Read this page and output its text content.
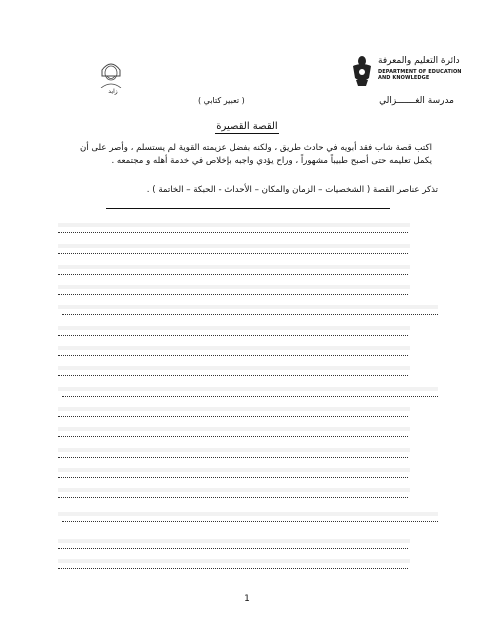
دائرة التعليم والمعرفة
DEPARTMENT OF EDUCATION
AND KNOWLEDGE
زايد
مدرسة الغـــــــزالي
( تعبير كتابي )
القصة القصيرة

اكتب قصة شاب فقد أبويه في حادث طريق ، ولكنه بفضل عزيمته القوية لم يستسلم ، وأصر على أن

يكمل تعليمه حتى أصبح طبيباً مشهوراً ، وراح يؤدي واجبه بإخلاص في خدمة أهله و مجتمعه .

تذكر عناصر القصة ( الشخصيات – الزمان والمكان – الأحداث - الحبكة – الخاتمة ) .
1
